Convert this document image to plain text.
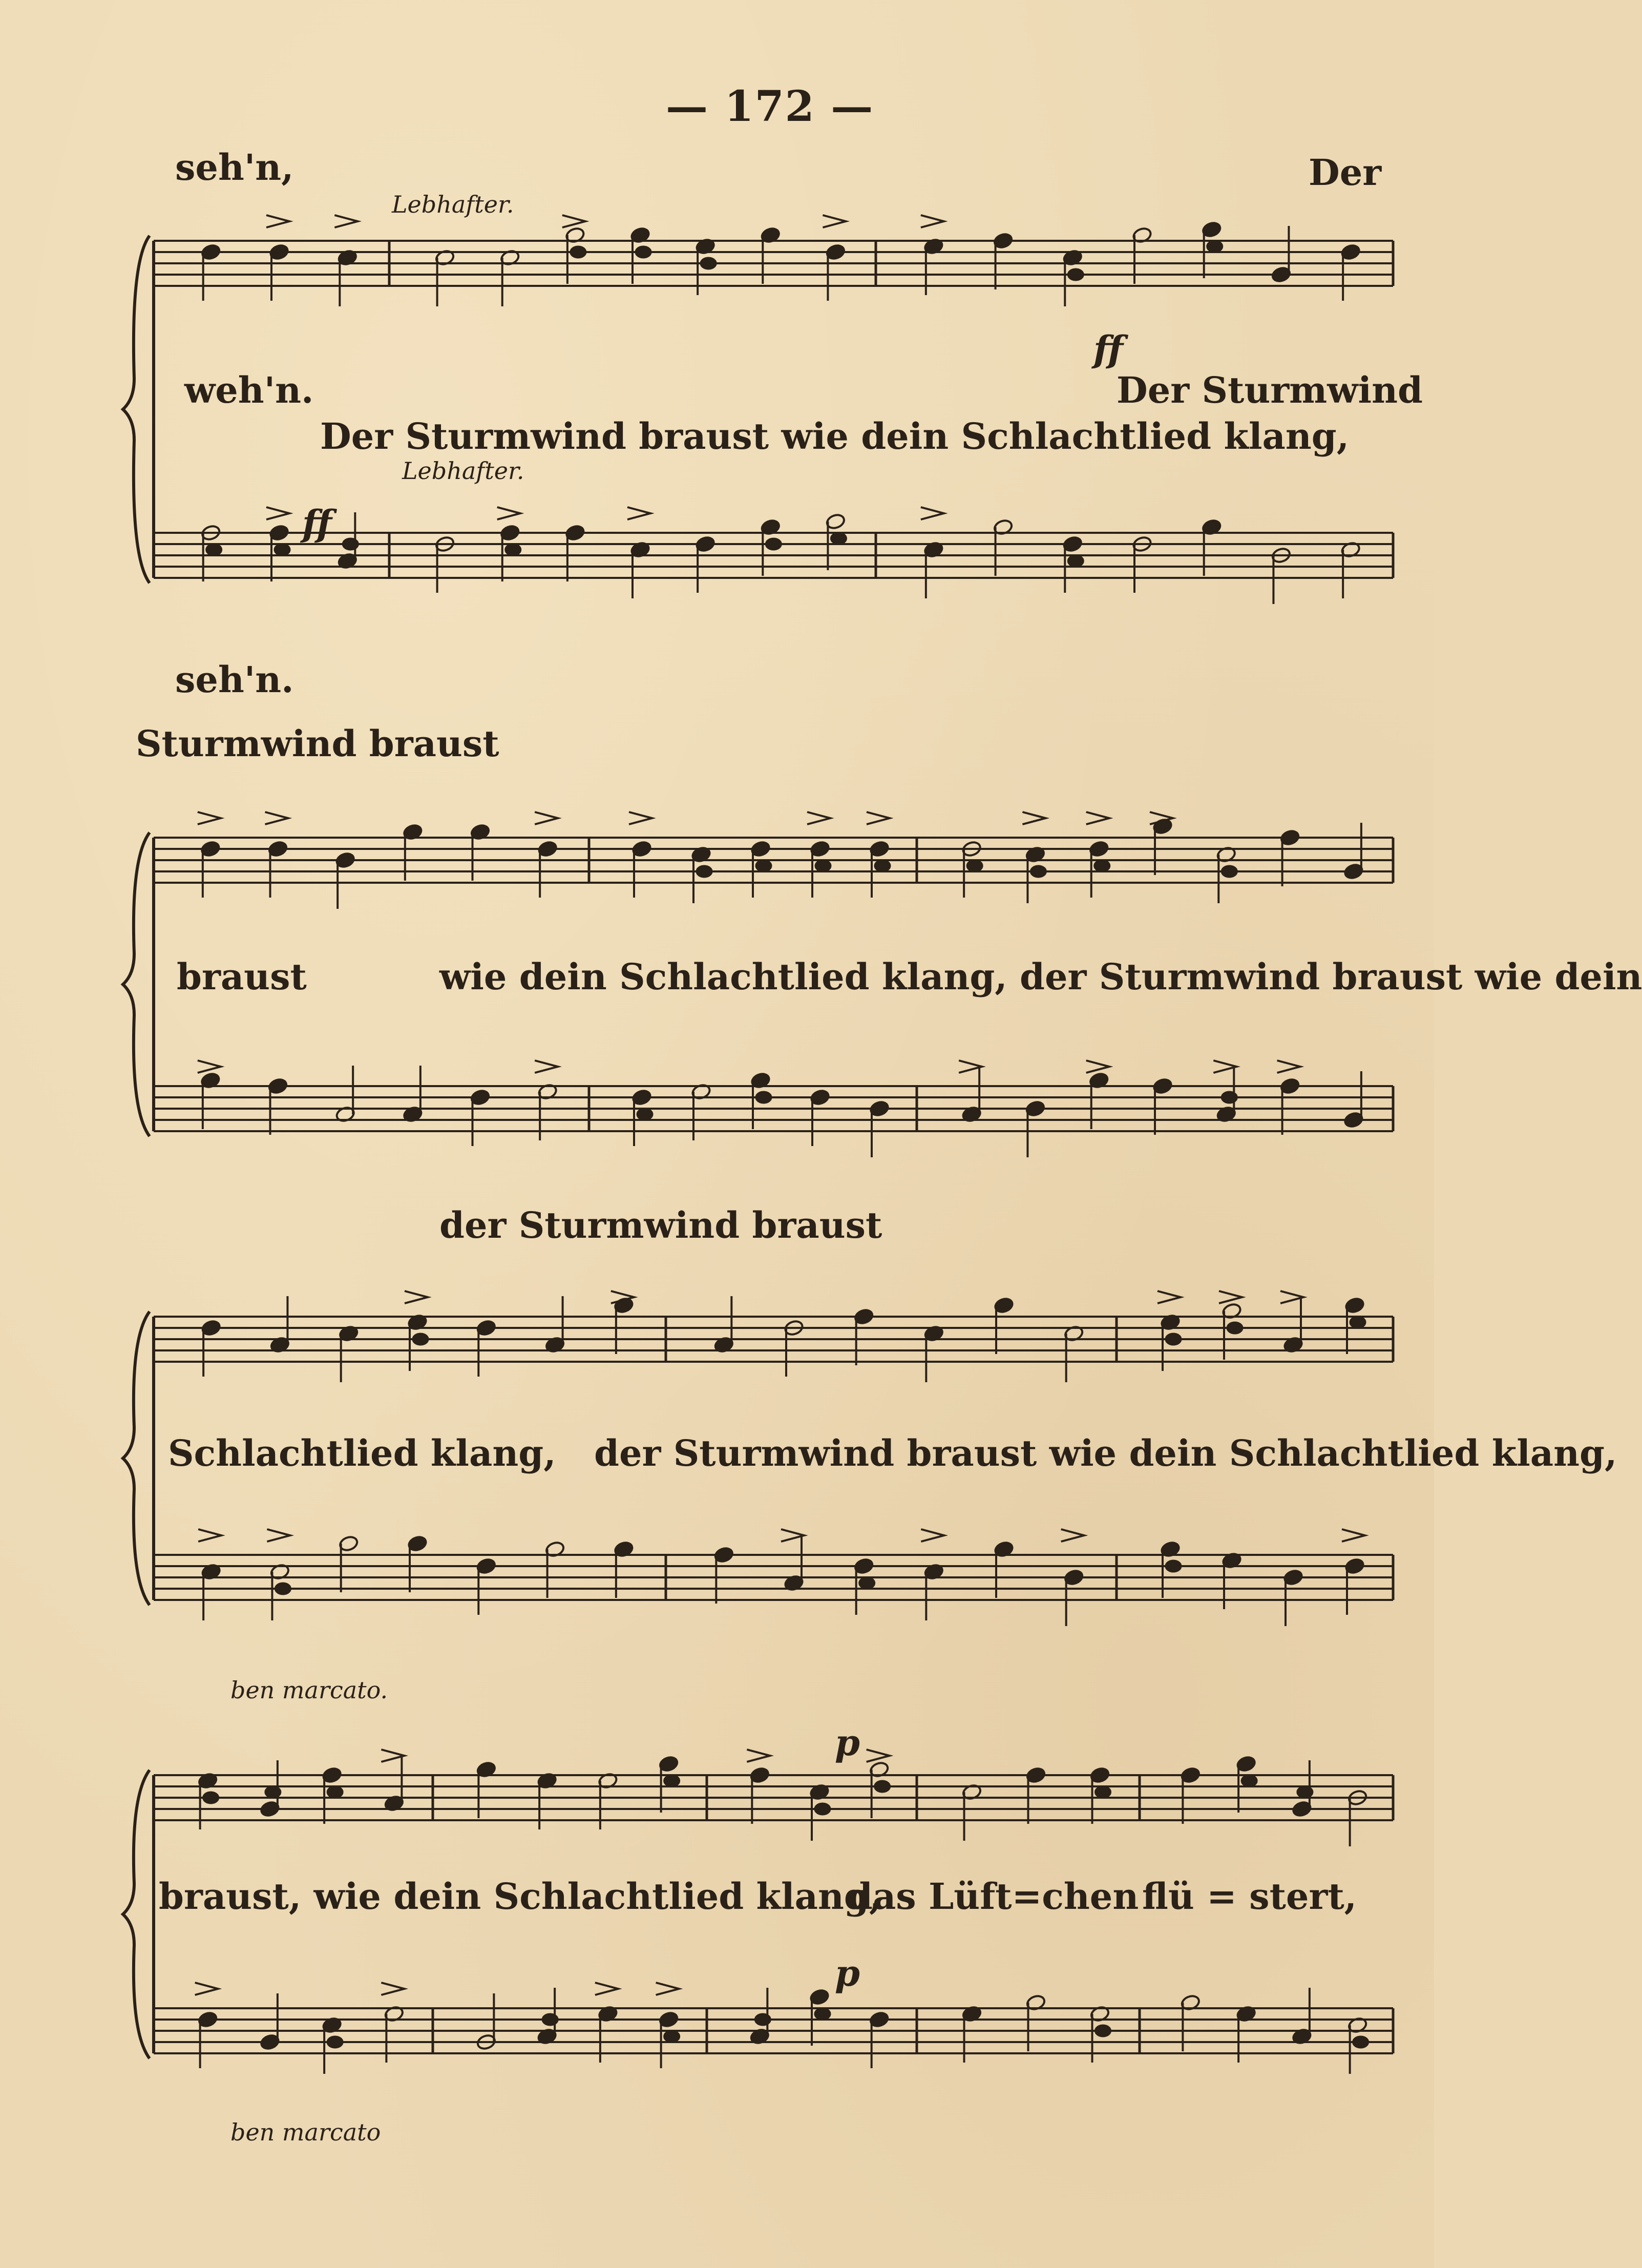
— 172 —
seh'n,
Lebhafter.
Der
ff
weh'n.	Der Sturmwind
Der Sturmwind braust wie dein Schlachtlied klang,
Lebhafter.
ff
seh'n.
Sturmwind braust
braust	wie dein Schlachtlied klang, der Sturmwind braust wie dein
der Sturmwind braust
Schlachtlied klang, der Sturmwind braust wie dein Schlachtlied klang,
ben marcato.
p
braust, wie dein Schlachtlied klang,
das Lüft=chen flü = stert,
p
ben marcato
